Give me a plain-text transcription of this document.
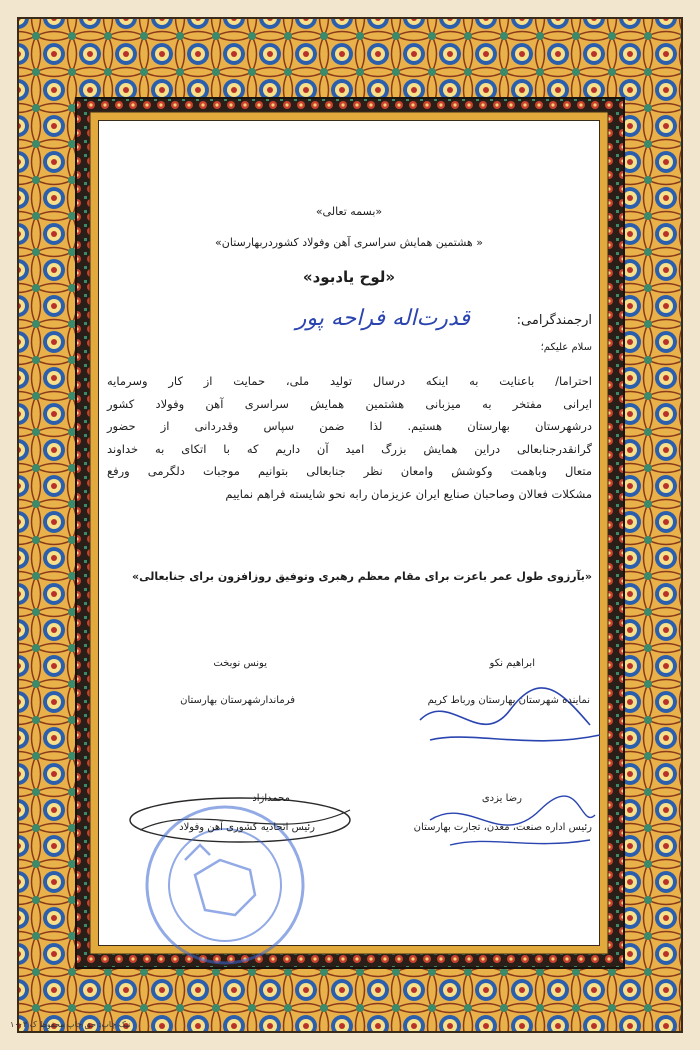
«بسمه تعالی»

« هشتمین همایش سراسری آهن وفولاد کشوردربهارستان»

«لوح یادبود»

ارجمندگرامی:

قدرت‌اله فراحه پور

سلام علیکم؛

احتراما/ باعنایت به اینکه درسال تولید ملی، حمایت از کار وسرمایه
ایرانی مفتخر به میزبانی هشتمین همایش سراسری آهن وفولاد کشور
درشهرستان بهارستان هستیم. لذا ضمن سپاس وقدردانی از حضور
گرانقدرجنابعالی دراین همایش بزرگ امید آن داریم که با اتکای به خداوند
متعال وباهمت وکوشش وامعان نظر جنابعالی بتوانیم موجبات دلگرمی ورفع
مشکلات فعالان وصاحبان صنایع ایران عزیزمان رابه نحو شایسته فراهم نماییم

«بآرزوی طول عمر باعزت برای مقام معظم رهبری وتوفیق روزافزون برای جنابعالی»

ابراهیم نکو

نماینده شهرستان بهارستان ورباط کریم

یونس نوبخت

فرماندارشهرستان بهارستان

رضا یزدی

رئیس اداره صنعت، معدن، تجارت بهارستان

محمدازاد

رئیس اتحادیه کشوری آهن وفولاد

نیک چاپ: حق چاپ محفوظ ک ۱۰۰۳
